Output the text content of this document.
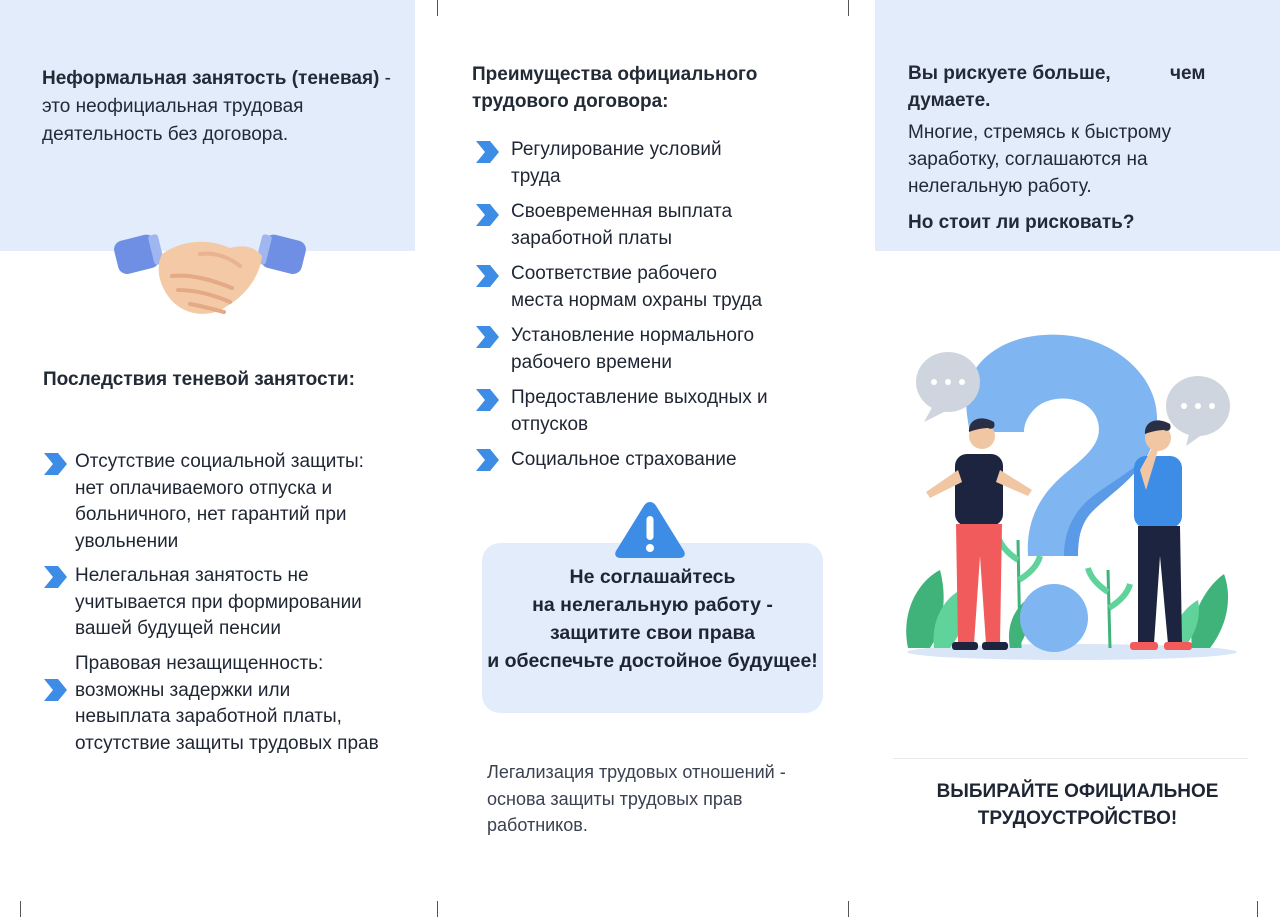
Неформальная занятость (теневая) -
это неофициальная трудовая
деятельность без договора.
Последствия теневой занятости:
Отсутствие социальной защиты:
нет оплачиваемого отпуска и
больничного, нет гарантий при
увольнении
Нелегальная занятость не
учитывается при формировании
вашей будущей пенсии
Правовая незащищенность:
возможны задержки или
невыплата заработной платы,
отсутствие защиты трудовых прав
Преимущества официального
трудового договора:
Регулирование условий
труда
Своевременная выплата
заработной платы
Соответствие рабочего
места нормам охраны труда
Установление нормального
рабочего времени
Предоставление выходных и
отпусков
Социальное страхование
Не соглашайтесь
на нелегальную работу -
защитите свои права
и обеспечьте достойное будущее!
Легализация трудовых отношений -
основа защиты трудовых прав
работников.
Вы рискуете больше,	чем
думаете.
Многие, стремясь к быстрому
заработку, соглашаются на
нелегальную работу.
Но стоит ли рисковать?
ВЫБИРАЙТЕ ОФИЦИАЛЬНОЕ
ТРУДОУСТРОЙСТВО!
